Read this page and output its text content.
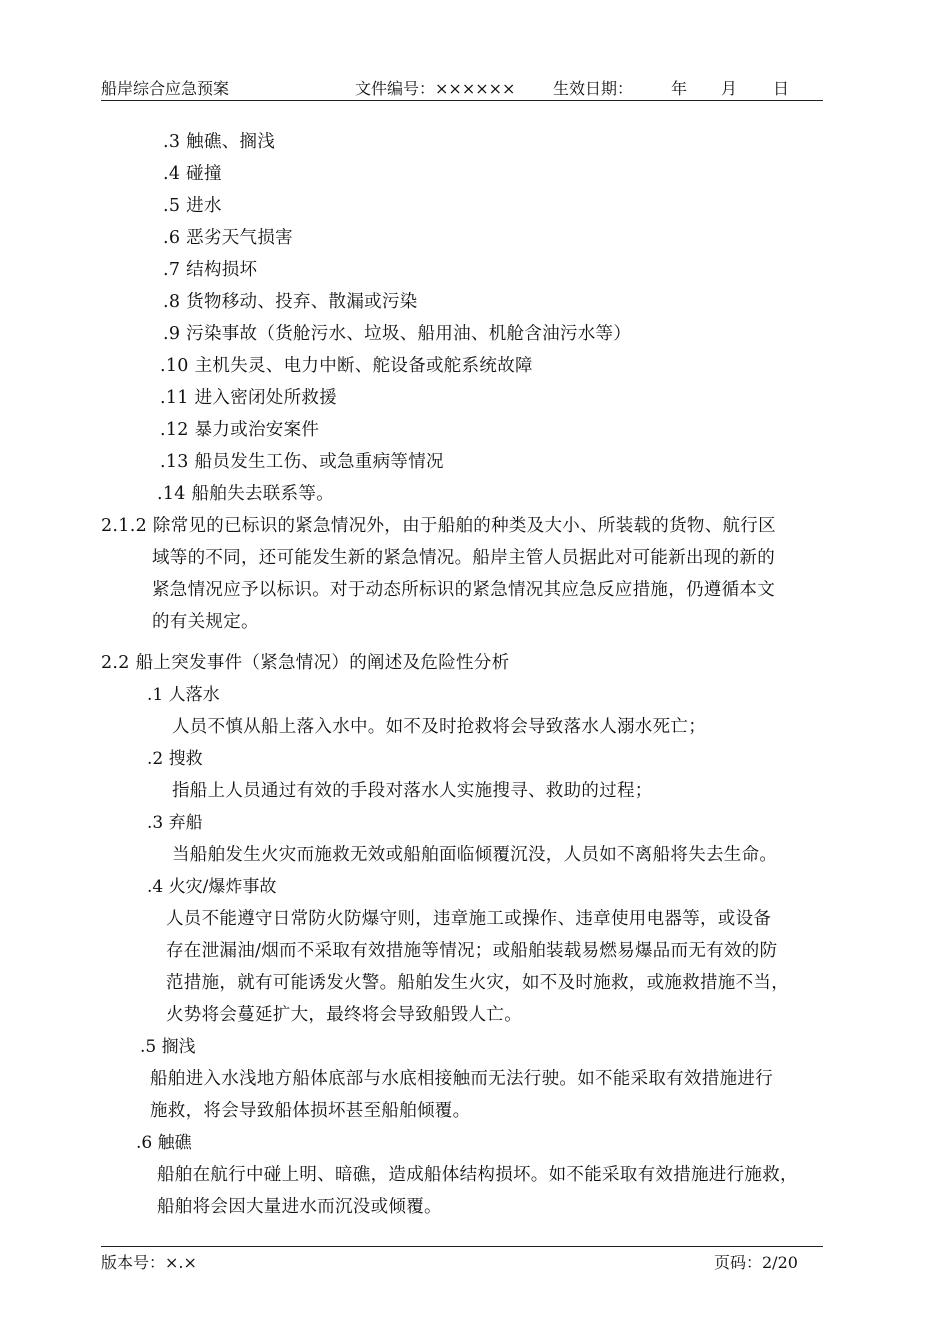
船岸综合应急预案	文件编号：×××××× 生效日期： 年 月 日
.3 触礁、搁浅
.4 碰撞
.5 进水
.6 恶劣天气损害
.7 结构损坏
.8 货物移动、投弃、散漏或污染
.9 污染事故（货舱污水、垃圾、船用油、机舱含油污水等）
.10 主机失灵、电力中断、舵设备或舵系统故障
.11 进入密闭处所救援
.12 暴力或治安案件
.13 船员发生工伤、或急重病等情况
.14 船舶失去联系等。
2.1.2 除常见的已标识的紧急情况外，由于船舶的种类及大小、所装载的货物、航行区
域等的不同，还可能发生新的紧急情况。船岸主管人员据此对可能新出现的新的
紧急情况应予以标识。对于动态所标识的紧急情况其应急反应措施，仍遵循本文
的有关规定。
2.2 船上突发事件（紧急情况）的阐述及危险性分析
.1 人落水
人员不慎从船上落入水中。如不及时抢救将会导致落水人溺水死亡；
.2 搜救
指船上人员通过有效的手段对落水人实施搜寻、救助的过程；
.3 弃船
当船舶发生火灾而施救无效或船舶面临倾覆沉没，人员如不离船将失去生命。
.4 火灾/爆炸事故
人员不能遵守日常防火防爆守则，违章施工或操作、违章使用电器等，或设备
存在泄漏油/烟而不采取有效措施等情况；或船舶装载易燃易爆品而无有效的防
范措施，就有可能诱发火警。船舶发生火灾，如不及时施救，或施救措施不当，
火势将会蔓延扩大，最终将会导致船毁人亡。
.5 搁浅
船舶进入水浅地方船体底部与水底相接触而无法行驶。如不能采取有效措施进行
施救，将会导致船体损坏甚至船舶倾覆。
.6 触礁
船舶在航行中碰上明、暗礁，造成船体结构损坏。如不能采取有效措施进行施救，
船舶将会因大量进水而沉没或倾覆。
版本号：×.×	页码：2/20
